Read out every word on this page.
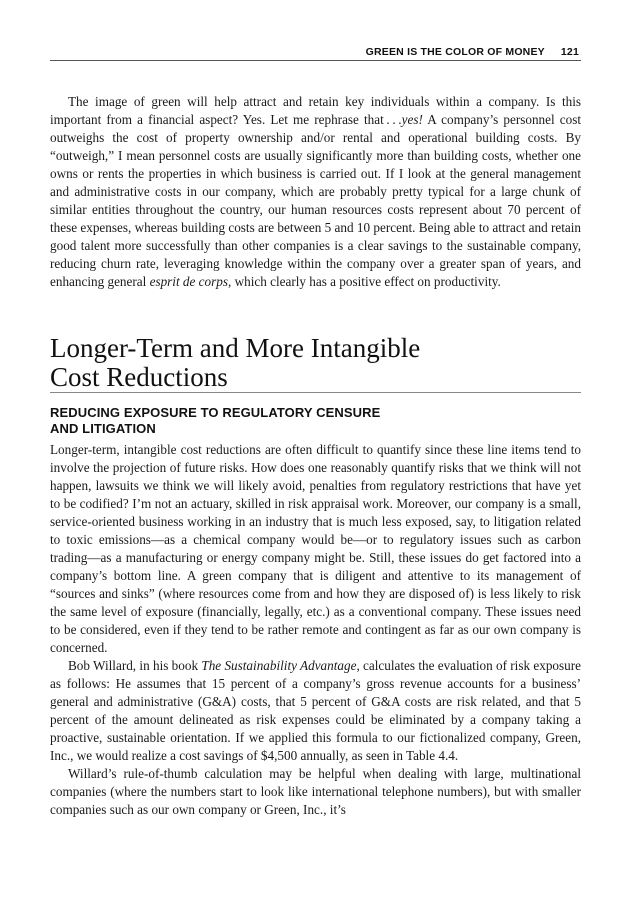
GREEN IS THE COLOR OF MONEY 121

The image of green will help attract and retain key individuals within a company. Is this important from a financial aspect? Yes. Let me rephrase that . . .yes! A company’s personnel cost outweighs the cost of property ownership and/or rental and operational building costs. By “outweigh,” I mean personnel costs are usually significantly more than building costs, whether one owns or rents the properties in which business is carried out. If I look at the general management and administrative costs in our company, which are probably pretty typical for a large chunk of similar entities throughout the country, our human resources costs represent about 70 percent of these expenses, whereas building costs are between 5 and 10 percent. Being able to attract and retain good talent more successfully than other companies is a clear savings to the sustainable company, reducing churn rate, leveraging knowledge within the company over a greater span of years, and enhancing general esprit de corps, which clearly has a positive effect on productivity.

Longer-Term and More Intangible
Cost Reductions
REDUCING EXPOSURE TO REGULATORY CENSURE
AND LITIGATION

Longer-term, intangible cost reductions are often difficult to quantify since these line items tend to involve the projection of future risks. How does one reasonably quantify risks that we think will not happen, lawsuits we think we will likely avoid, penalties from regulatory restrictions that have yet to be codified? I’m not an actuary, skilled in risk appraisal work. Moreover, our company is a small, service-oriented business working in an industry that is much less exposed, say, to litigation related to toxic emissions—as a chemical company would be—or to regulatory issues such as carbon trading—as a manufacturing or energy company might be. Still, these issues do get factored into a company’s bottom line. A green company that is diligent and attentive to its management of “sources and sinks” (where resources come from and how they are disposed of) is less likely to risk the same level of exposure (financially, legally, etc.) as a conventional company. These issues need to be considered, even if they tend to be rather remote and contingent as far as our own company is concerned.

Bob Willard, in his book The Sustainability Advantage, calculates the evaluation of risk exposure as follows: He assumes that 15 percent of a company’s gross revenue accounts for a business’ general and administrative (G&A) costs, that 5 percent of G&A costs are risk related, and that 5 percent of the amount delineated as risk expenses could be eliminated by a company taking a proactive, sustainable orientation. If we applied this formula to our fictionalized company, Green, Inc., we would realize a cost savings of $4,500 annually, as seen in Table 4.4.

Willard’s rule-of-thumb calculation may be helpful when dealing with large, multinational companies (where the numbers start to look like international telephone numbers), but with smaller companies such as our own company or Green, Inc., it’s
